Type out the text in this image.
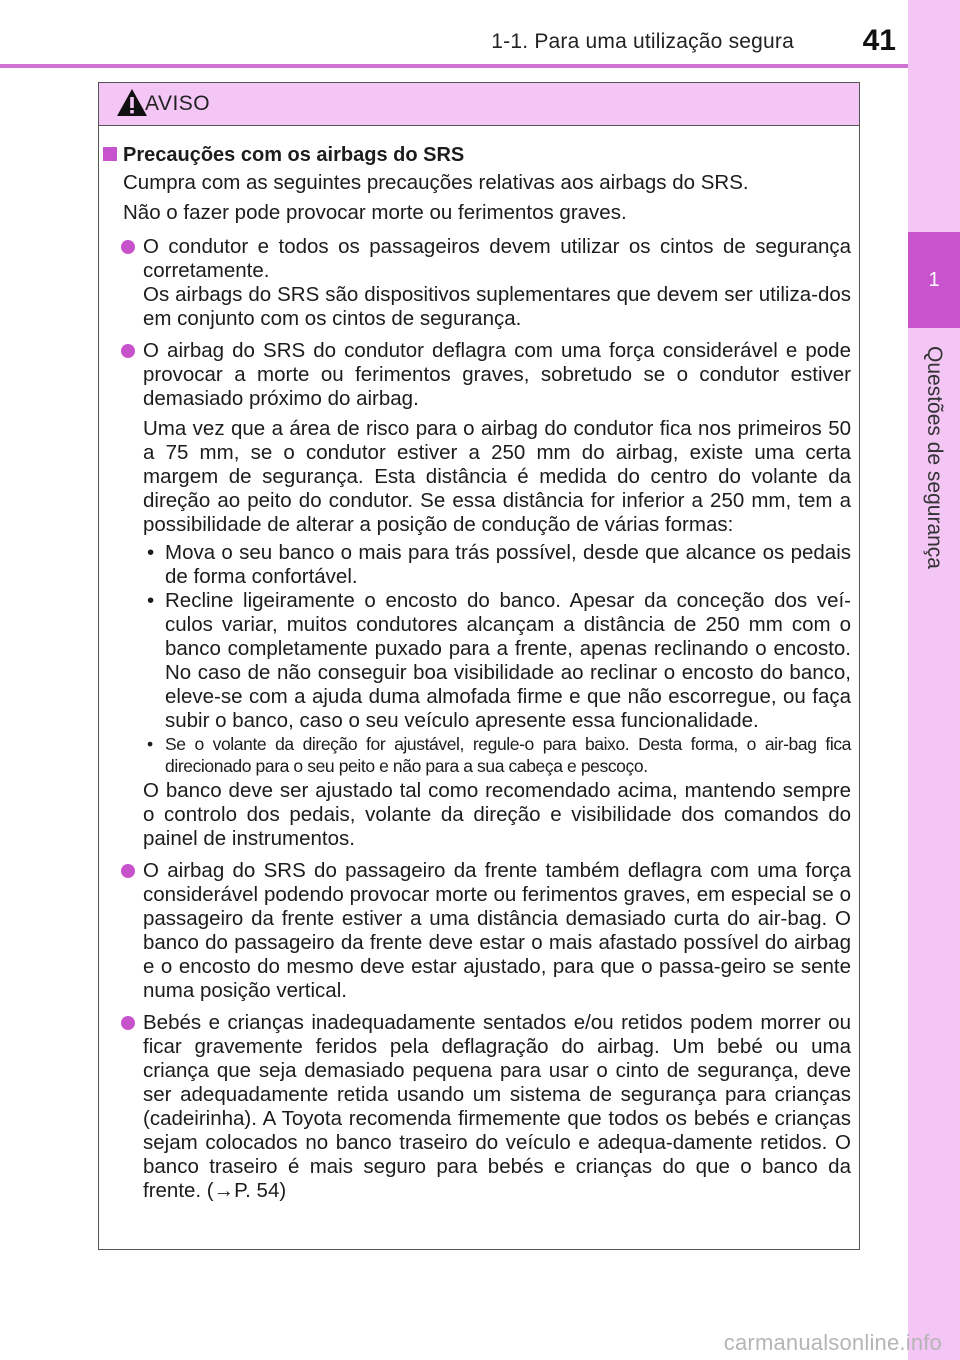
1-1. Para uma utilização segura	41
1
Questões de segurança
AVISO
Precauções com os airbags do SRS
Cumpra com as seguintes precauções relativas aos airbags do SRS.
Não o fazer pode provocar morte ou ferimentos graves.
O condutor e todos os passageiros devem utilizar os cintos de segurança corretamente.
Os airbags do SRS são dispositivos suplementares que devem ser utiliza-dos em conjunto com os cintos de segurança.
O airbag do SRS do condutor deflagra com uma força considerável e pode provocar a morte ou ferimentos graves, sobretudo se o condutor estiver demasiado próximo do airbag.
Uma vez que a área de risco para o airbag do condutor fica nos primeiros 50 a 75 mm, se o condutor estiver a 250 mm do airbag, existe uma certa margem de segurança. Esta distância é medida do centro do volante da direção ao peito do condutor. Se essa distância for inferior a 250 mm, tem a possibilidade de alterar a posição de condução de várias formas:
• Mova o seu banco o mais para trás possível, desde que alcance os pedais de forma confortável.
• Recline ligeiramente o encosto do banco. Apesar da conceção dos veí-culos variar, muitos condutores alcançam a distância de 250 mm com o banco completamente puxado para a frente, apenas reclinando o encosto. No caso de não conseguir boa visibilidade ao reclinar o encosto do banco, eleve-se com a ajuda duma almofada firme e que não escorregue, ou faça subir o banco, caso o seu veículo apresente essa funcionalidade.
• Se o volante da direção for ajustável, regule-o para baixo. Desta forma, o air-bag fica direcionado para o seu peito e não para a sua cabeça e pescoço.
O banco deve ser ajustado tal como recomendado acima, mantendo sempre o controlo dos pedais, volante da direção e visibilidade dos comandos do painel de instrumentos.
O airbag do SRS do passageiro da frente também deflagra com uma força considerável podendo provocar morte ou ferimentos graves, em especial se o passageiro da frente estiver a uma distância demasiado curta do air-bag. O banco do passageiro da frente deve estar o mais afastado possível do airbag e o encosto do mesmo deve estar ajustado, para que o passa-geiro se sente numa posição vertical.
Bebés e crianças inadequadamente sentados e/ou retidos podem morrer ou ficar gravemente feridos pela deflagração do airbag. Um bebé ou uma criança que seja demasiado pequena para usar o cinto de segurança, deve ser adequadamente retida usando um sistema de segurança para crianças (cadeirinha). A Toyota recomenda firmemente que todos os bebés e crianças sejam colocados no banco traseiro do veículo e adequa-damente retidos. O banco traseiro é mais seguro para bebés e crianças do que o banco da frente. (→P. 54)
carmanualsonline.info
